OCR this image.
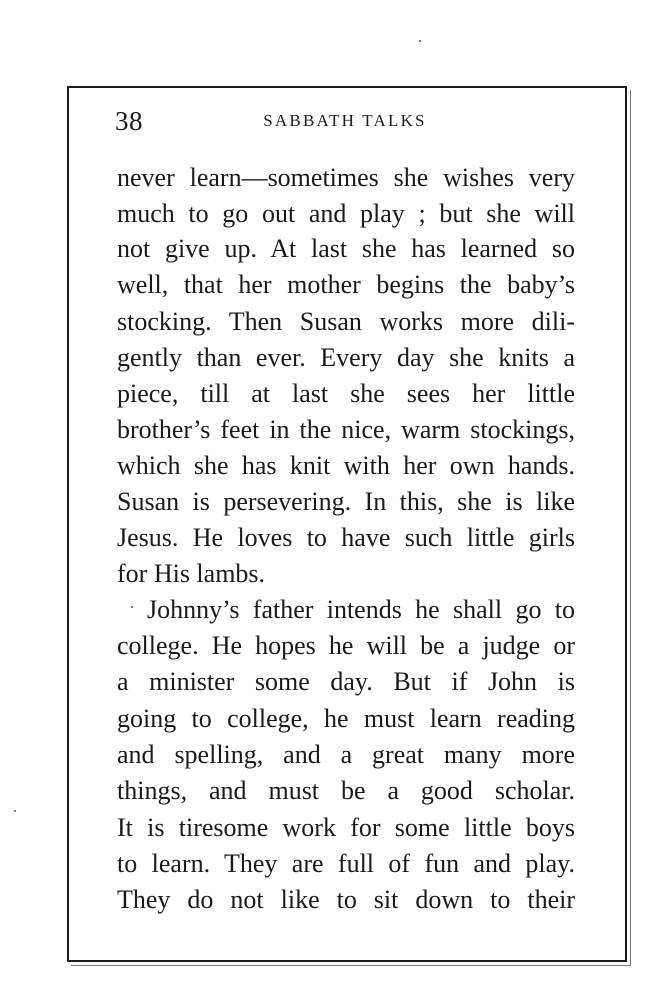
38	SABBATH TALKS
never learn—sometimes she wishes very
much to go out and play ; but she will
not give up. At last she has learned so
well, that her mother begins the baby’s
stocking. Then Susan works more dili-
gently than ever. Every day she knits a
piece, till at last she sees her little
brother’s feet in the nice, warm stockings,
which she has knit with her own hands.
Susan is persevering. In this, she is like
Jesus. He loves to have such little girls
for His lambs.
Johnny’s father intends he shall go to
college. He hopes he will be a judge or
a minister some day. But if John is
going to college, he must learn reading
and spelling, and a great many more
things, and must be a good scholar.
It is tiresome work for some little boys
to learn. They are full of fun and play.
They do not like to sit down to their
